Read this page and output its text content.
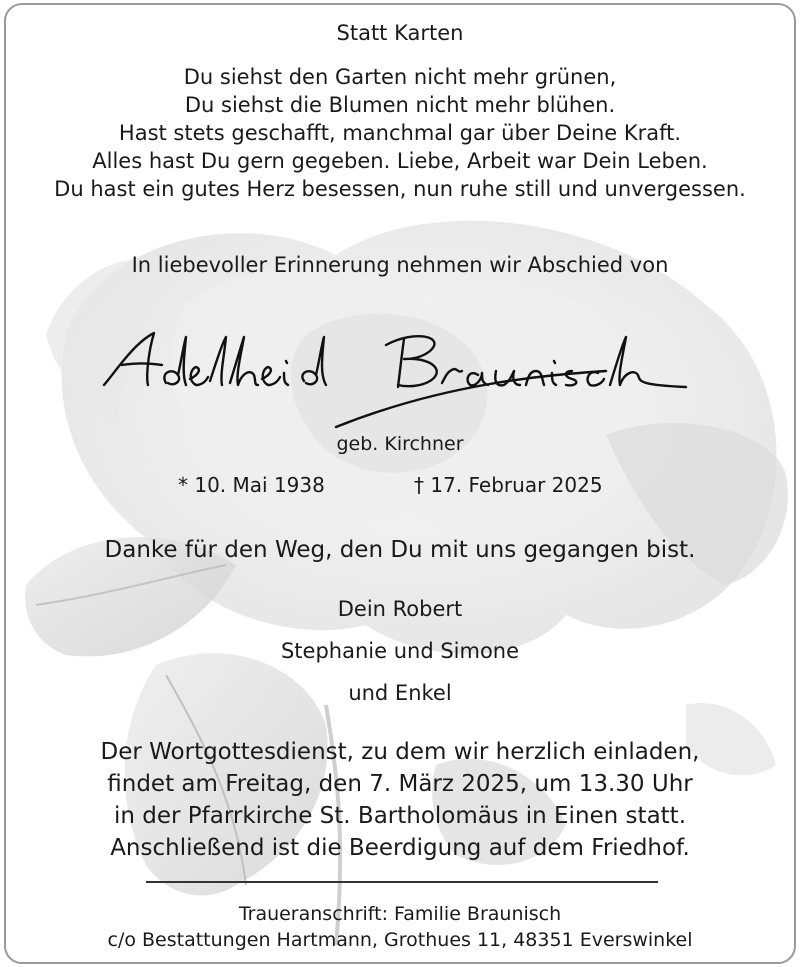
Statt Karten
Du siehst den Garten nicht mehr grünen,
Du siehst die Blumen nicht mehr blühen.
Hast stets geschafft, manchmal gar über Deine Kraft.
Alles hast Du gern gegeben. Liebe, Arbeit war Dein Leben.
Du hast ein gutes Herz besessen, nun ruhe still und unvergessen.
In liebevoller Erinnerung nehmen wir Abschied von
geb. Kirchner
* 10. Mai 1938	† 17. Februar 2025
Danke für den Weg, den Du mit uns gegangen bist.
Dein Robert
Stephanie und Simone
und Enkel
Der Wortgottesdienst, zu dem wir herzlich einladen,
findet am Freitag, den 7. März 2025, um 13.30 Uhr
in der Pfarrkirche St. Bartholomäus in Einen statt.
Anschließend ist die Beerdigung auf dem Friedhof.
Traueranschrift: Familie Braunisch
c/o Bestattungen Hartmann, Grothues 11, 48351 Everswinkel
